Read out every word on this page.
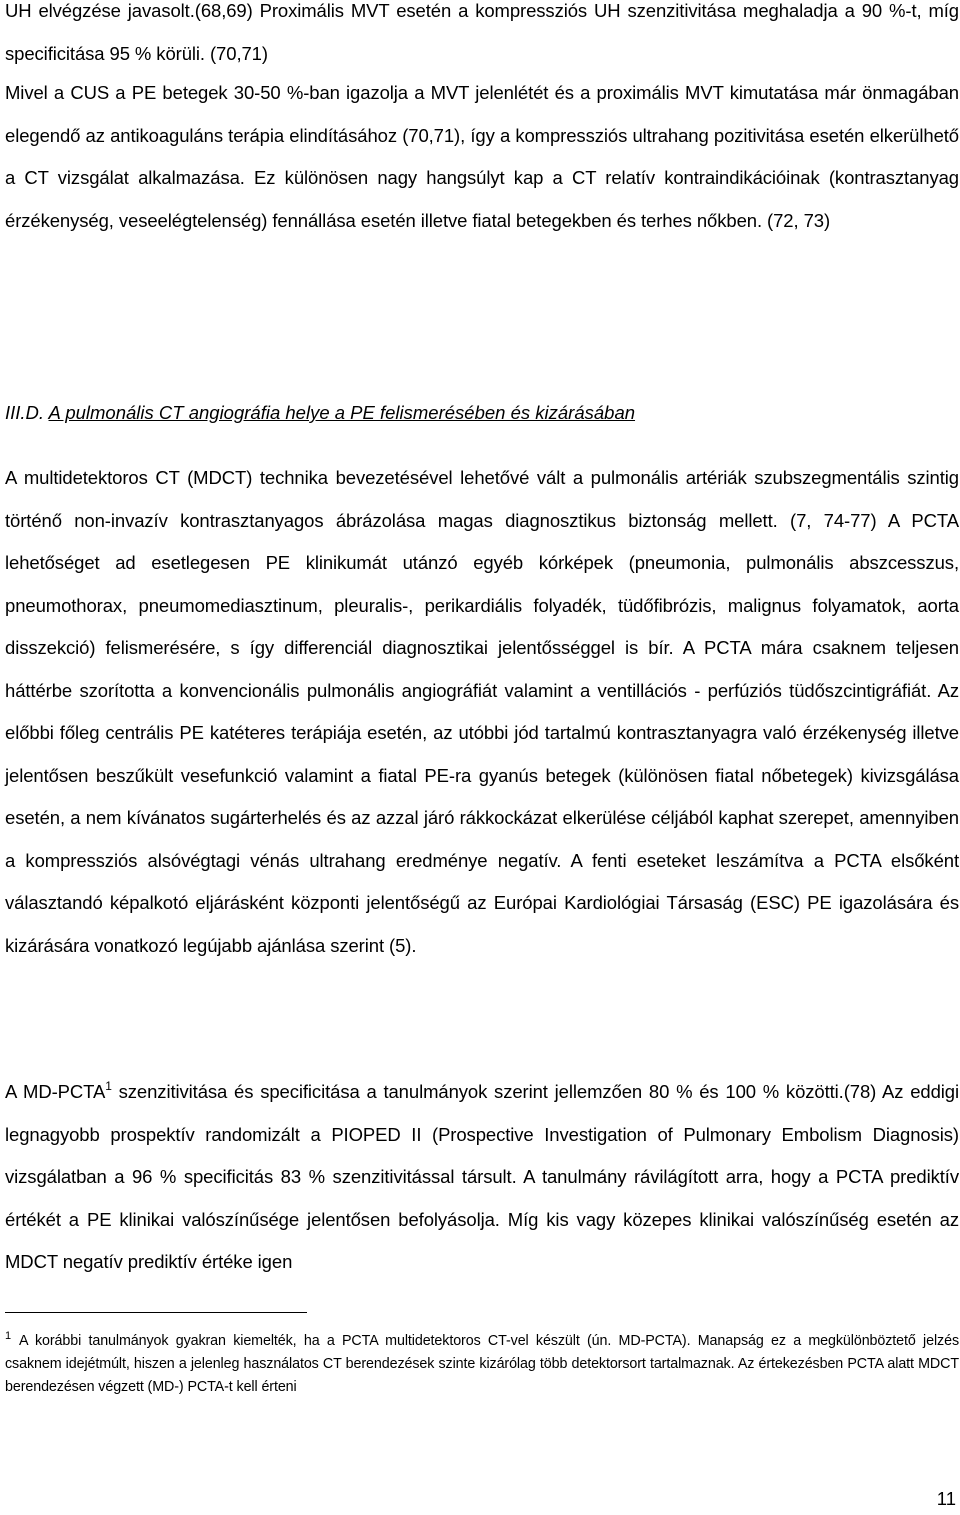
UH elvégzése javasolt.(68,69) Proximális MVT esetén a kompressziós UH szenzitivitása meghaladja a 90 %-t, míg specificitása 95 % körüli. (70,71)

Mivel a CUS a PE betegek 30-50 %-ban igazolja a MVT jelenlétét és a proximális MVT kimutatása már önmagában elegendő az antikoaguláns terápia elindításához (70,71), így a kompressziós ultrahang pozitivitása esetén elkerülhető a CT vizsgálat alkalmazása. Ez különösen nagy hangsúlyt kap a CT relatív kontraindikációinak (kontrasztanyag érzékenység, veseelégtelenség) fennállása esetén illetve fiatal betegekben és terhes nőkben. (72, 73)

III.D. A pulmonális CT angiográfia helye a PE felismerésében és kizárásában

A multidetektoros CT (MDCT) technika bevezetésével lehetővé vált a pulmonális artériák szubszegmentális szintig történő non-invazív kontrasztanyagos ábrázolása magas diagnosztikus biztonság mellett. (7, 74-77) A PCTA lehetőséget ad esetlegesen PE klinikumát utánzó egyéb kórképek (pneumonia, pulmonális abszcesszus, pneumothorax, pneumomediasztinum, pleuralis-, perikardiális folyadék, tüdőfibrózis, malignus folyamatok, aorta disszekció) felismerésére, s így differenciál diagnosztikai jelentősséggel is bír. A PCTA mára csaknem teljesen háttérbe szorította a konvencionális pulmonális angiográfiát valamint a ventillációs - perfúziós tüdőszcintigráfiát. Az előbbi főleg centrális PE katéteres terápiája esetén, az utóbbi jód tartalmú kontrasztanyagra való érzékenység illetve jelentősen beszűkült vesefunkció valamint a fiatal PE-ra gyanús betegek (különösen fiatal nőbetegek) kivizsgálása esetén, a nem kívánatos sugárterhelés és az azzal járó rákkockázat elkerülése céljából kaphat szerepet, amennyiben a kompressziós alsóvégtagi vénás ultrahang eredménye negatív. A fenti eseteket leszámítva a PCTA elsőként választandó képalkotó eljárásként központi jelentőségű az Európai Kardiológiai Társaság (ESC) PE igazolására és kizárására vonatkozó legújabb ajánlása szerint (5).

A MD-PCTA$^1$ szenzitivitása és specificitása a tanulmányok szerint jellemzően 80 % és 100 % közötti.(78) Az eddigi legnagyobb prospektív randomizált a PIOPED II (Prospective Investigation of Pulmonary Embolism Diagnosis) vizsgálatban a 96 % specificitás 83 % szenzitivitással társult. A tanulmány rávilágított arra, hogy a PCTA prediktív értékét a PE klinikai valószínűsége jelentősen befolyásolja. Míg kis vagy közepes klinikai valószínűség esetén az MDCT negatív prediktív értéke igen

$^1$ A korábbi tanulmányok gyakran kiemelték, ha a PCTA multidetektoros CT-vel készült (ún. MD-PCTA). Manapság ez a megkülönböztető jelzés csaknem idejétmúlt, hiszen a jelenleg használatos CT berendezések szinte kizárólag több detektorsort tartalmaznak. Az értekezésben PCTA alatt MDCT berendezésen végzett (MD-) PCTA-t kell érteni

11
